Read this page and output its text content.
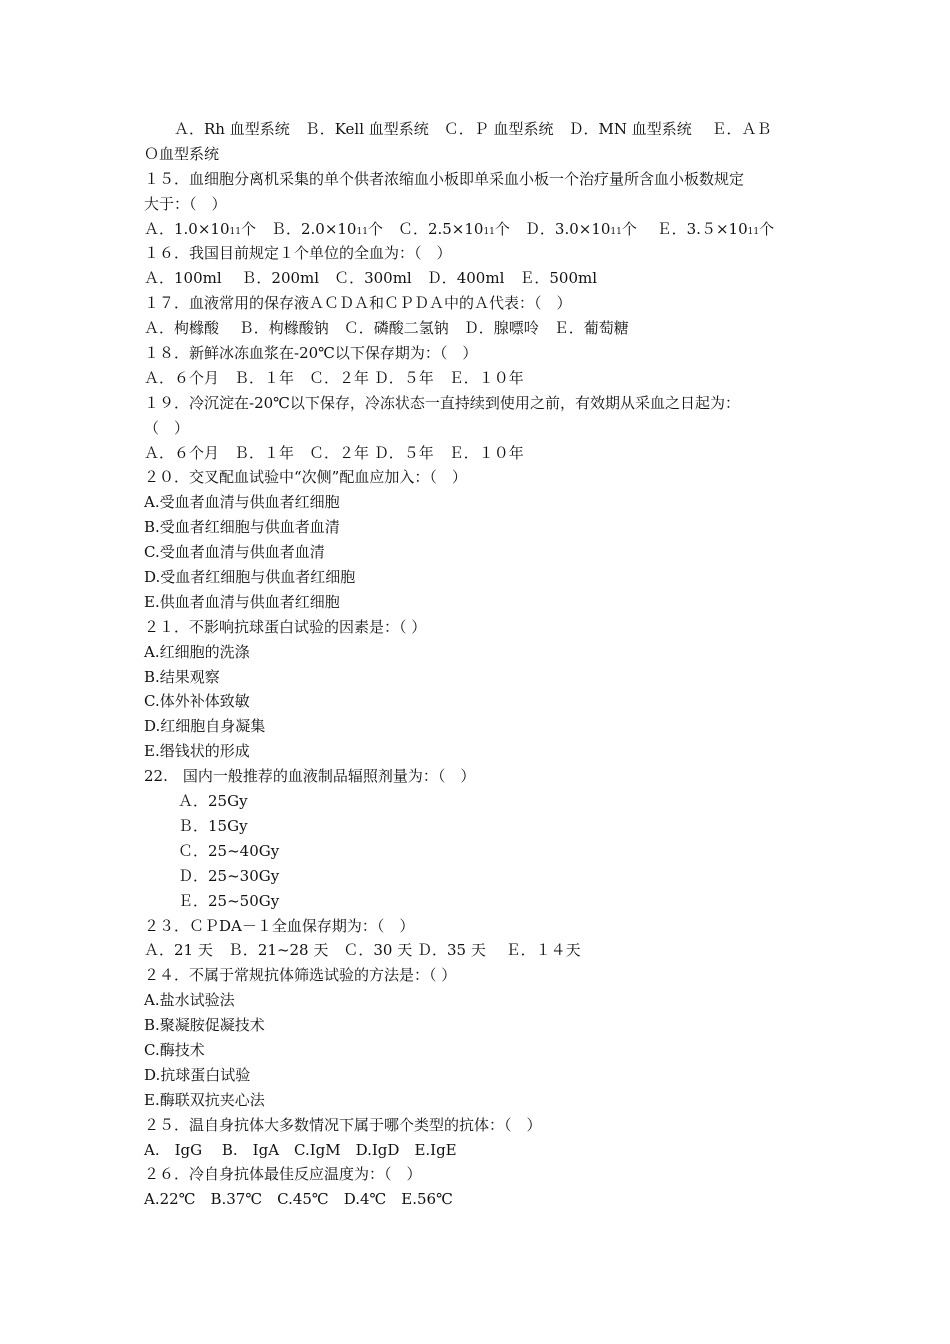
　　Ａ．Rh 血型系统　Ｂ．Kell 血型系统　Ｃ．Ｐ 血型系统　Ｄ．MN 血型系统　 Ｅ．ＡＢ
Ｏ血型系统
１５．血细胞分离机采集的单个供者浓缩血小板即单采血小板一个治疗量所含血小板数规定
大于：（　）
Ａ．1.0×1011个　Ｂ．2.0×1011个　Ｃ．2.5×1011个　Ｄ．3.0×1011个　 Ｅ．3.５×1011个
１６．我国目前规定１个单位的全血为：（　）
Ａ．100ml　 Ｂ．200ml　Ｃ．300ml　Ｄ．400ml　Ｅ．500ml
１７．血液常用的保存液ＡＣＤＡ和ＣＰＤＡ中的Ａ代表：（　）
Ａ．枸橼酸　 Ｂ．枸橼酸钠　Ｃ．磷酸二氢钠　Ｄ．腺嘌呤　Ｅ．葡萄糖
１８．新鲜冰冻血浆在-20℃以下保存期为：（　）
Ａ．６个月　Ｂ．１年　Ｃ．２年 Ｄ．５年　Ｅ．１０年
１９．冷沉淀在-20℃以下保存，冷冻状态一直持续到使用之前，有效期从采血之日起为：
（　）
Ａ．６个月　Ｂ．１年　Ｃ．２年 Ｄ．５年　Ｅ．１０年
２０．交叉配血试验中“次侧”配血应加入：（　）
A.受血者血清与供血者红细胞
B.受血者红细胞与供血者血清
C.受血者血清与供血者血清
D.受血者红细胞与供血者红细胞
E.供血者血清与供血者红细胞
２１．不影响抗球蛋白试验的因素是：（ ）
A.红细胞的洗涤
B.结果观察
C.体外补体致敏
D.红细胞自身凝集
E.缗钱状的形成
22.　国内一般推荐的血液制品辐照剂量为：（　）
Ａ．25Gy
Ｂ．15Gy
Ｃ．25~40Gy
Ｄ．25~30Gy
Ｅ．25~50Gy
２３．ＣＰDA－１全血保存期为：（　）
Ａ．21 天　Ｂ．21~28 天　Ｃ．30 天 Ｄ．35 天　 Ｅ．１４天
２４．不属于常规抗体筛选试验的方法是：（ ）
A.盐水试验法
B.聚凝胺促凝技术
C.酶技术
D.抗球蛋白试验
E.酶联双抗夹心法
２５．温自身抗体大多数情况下属于哪个类型的抗体：（　）
A.　IgG　 B.　IgA　C.IgM　D.IgD　E.IgE
２６．冷自身抗体最佳反应温度为：（　）
A.22℃　B.37℃　C.45℃　D.4℃　E.56℃
